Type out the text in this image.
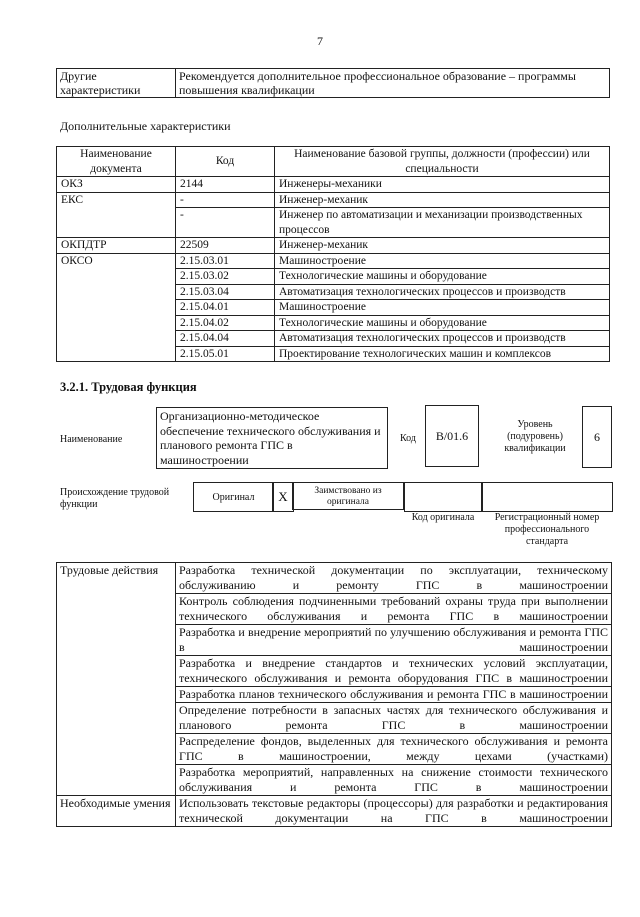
7
Другие характеристики	Рекомендуется дополнительное профессиональное образование – программы повышения квалификации
Дополнительные характеристики
Наименование документа	Код	Наименование базовой группы, должности (профессии) или специальности
ОКЗ	2144	Инженеры-механики
ЕКС	-	Инженер-механик
	-	Инженер по автоматизации и механизации производственных процессов
ОКПДТР	22509	Инженер-механик
ОКСО	2.15.03.01	Машиностроение
	2.15.03.02	Технологические машины и оборудование
	2.15.03.04	Автоматизация технологических процессов и производств
	2.15.04.01	Машиностроение
	2.15.04.02	Технологические машины и оборудование
	2.15.04.04	Автоматизация технологических процессов и производств
	2.15.05.01	Проектирование технологических машин и комплексов
3.2.1. Трудовая функция
Наименование
Организационно-методическое обеспечение технического обслуживания и планового ремонта ГПС в машиностроении
Код	B/01.6
Уровень (подуровень) квалификации
6
Происхождение трудовой функции
Оригинал	X	Заимствовано из оригинала
Код оригинала	Регистрационный номер профессионального стандарта
Трудовые действия	Разработка технической документации по эксплуатации, техническому обслуживанию и ремонту ГПС в машиностроении
	Контроль соблюдения подчиненными требований охраны труда при выполнении технического обслуживания и ремонта ГПС в машиностроении
	Разработка и внедрение мероприятий по улучшению обслуживания и ремонта ГПС в машиностроении
	Разработка и внедрение стандартов и технических условий эксплуатации, технического обслуживания и ремонта оборудования ГПС в машиностроении
	Разработка планов технического обслуживания и ремонта ГПС в машиностроении
	Определение потребности в запасных частях для технического обслуживания и планового ремонта ГПС в машиностроении
	Распределение фондов, выделенных для технического обслуживания и ремонта ГПС в машиностроении, между цехами (участками)
	Разработка мероприятий, направленных на снижение стоимости технического обслуживания и ремонта ГПС в машиностроении
Необходимые умения	Использовать текстовые редакторы (процессоры) для разработки и редактирования технической документации на ГПС в машиностроении
